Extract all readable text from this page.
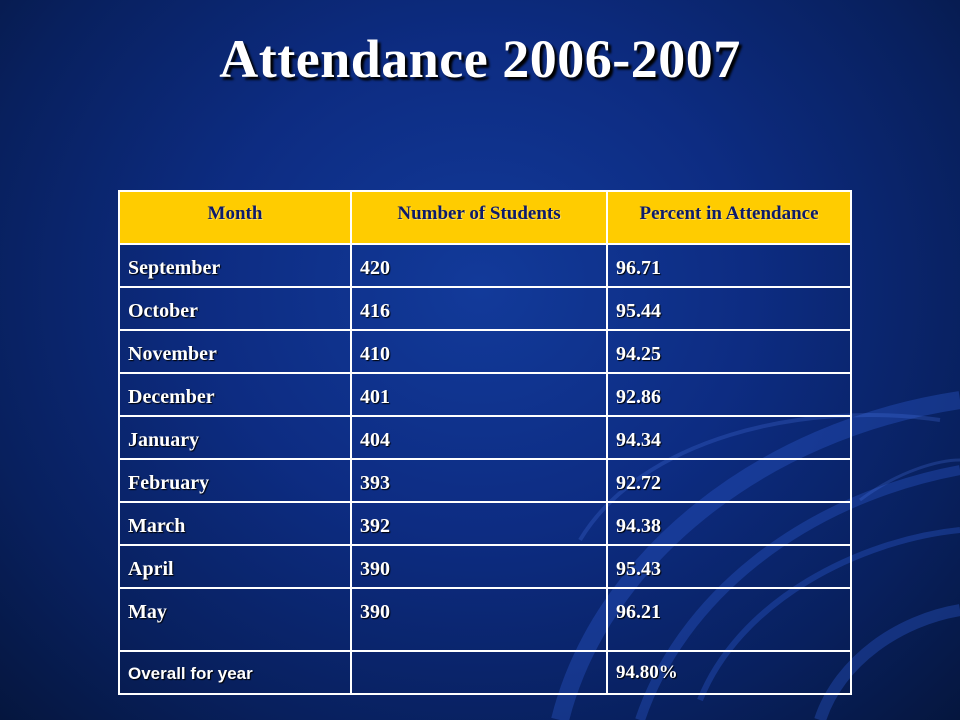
Attendance 2006-2007
Month	Number of Students	Percent in Attendance
September	420	96.71
October	416	95.44
November	410	94.25
December	401	92.86
January	404	94.34
February	393	92.72
March	392	94.38
April	390	95.43
May	390	96.21
Overall for year		94.80%
